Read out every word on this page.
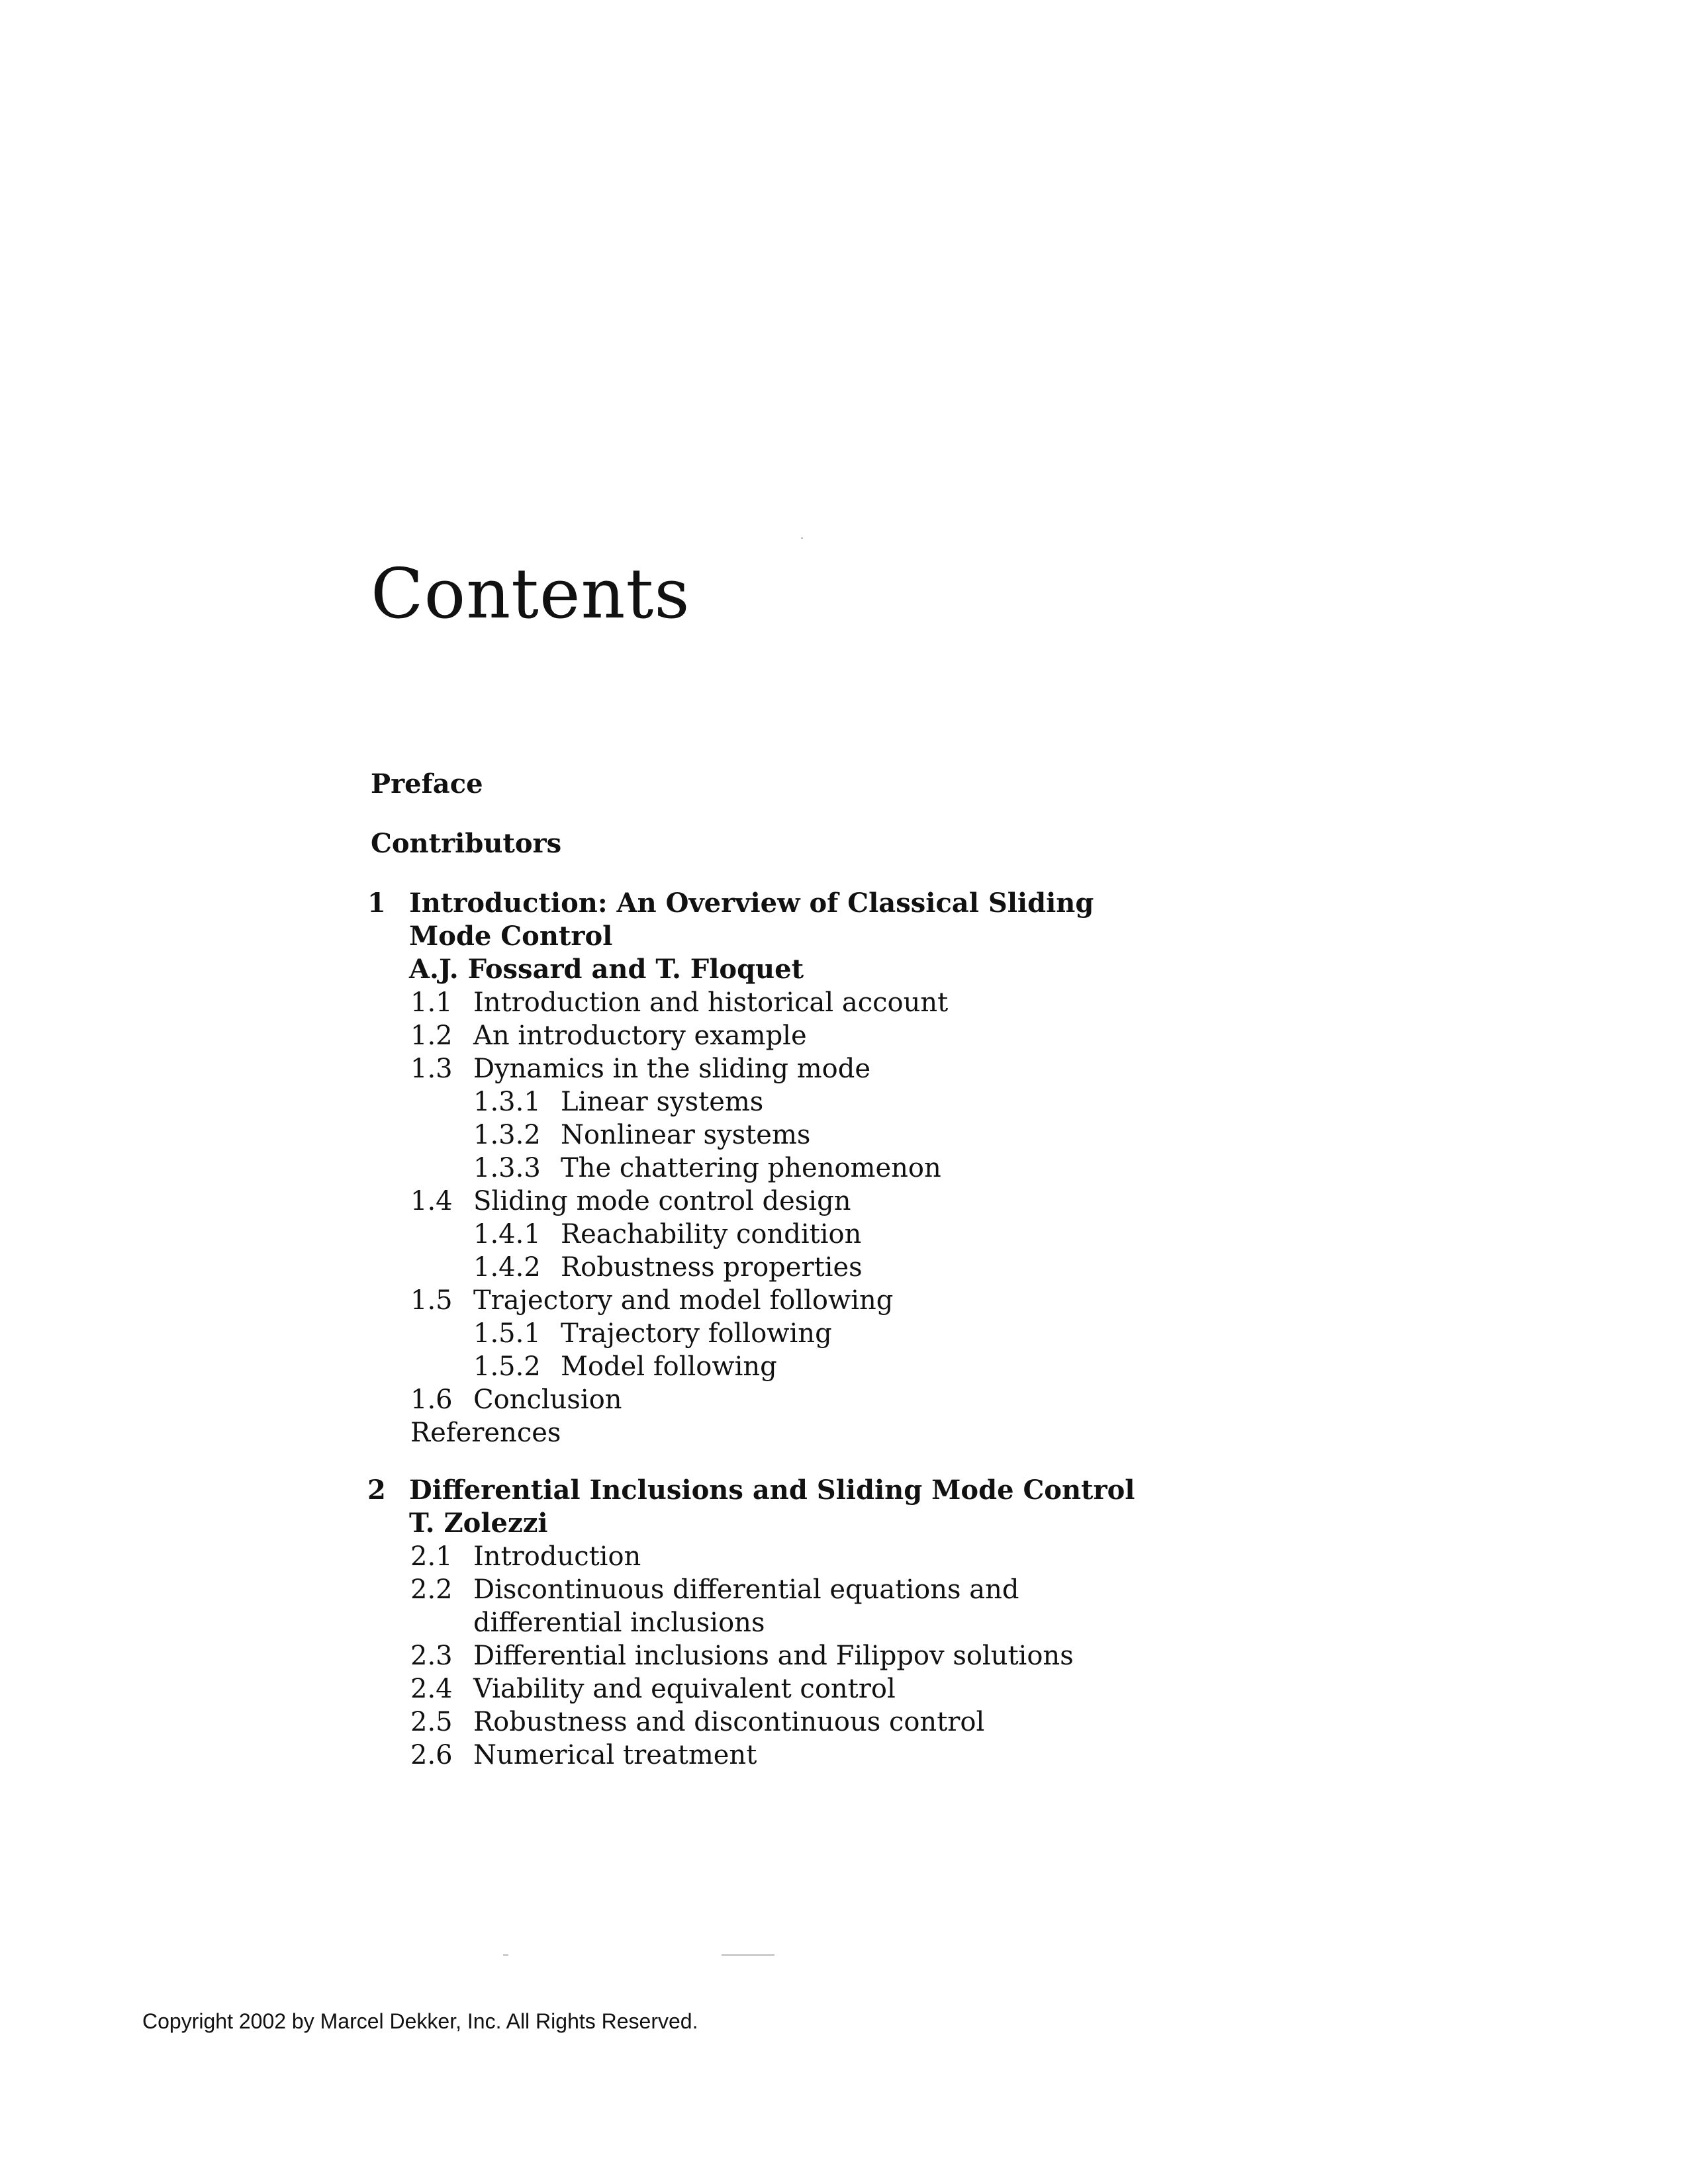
Contents
Preface
Contributors
1 Introduction: An Overview of Classical Sliding
Mode Control
A.J. Fossard and T. Floquet
1.1 Introduction and historical account
1.2 An introductory example
1.3 Dynamics in the sliding mode
1.3.1 Linear systems
1.3.2 Nonlinear systems
1.3.3 The chattering phenomenon
1.4 Sliding mode control design
1.4.1 Reachability condition
1.4.2 Robustness properties
1.5 Trajectory and model following
1.5.1 Trajectory following
1.5.2 Model following
1.6 Conclusion
References
2 Differential Inclusions and Sliding Mode Control
T. Zolezzi
2.1 Introduction
2.2 Discontinuous differential equations and
differential inclusions
2.3 Differential inclusions and Filippov solutions
2.4 Viability and equivalent control
2.5 Robustness and discontinuous control
2.6 Numerical treatment
Copyright 2002 by Marcel Dekker, Inc. All Rights Reserved.
